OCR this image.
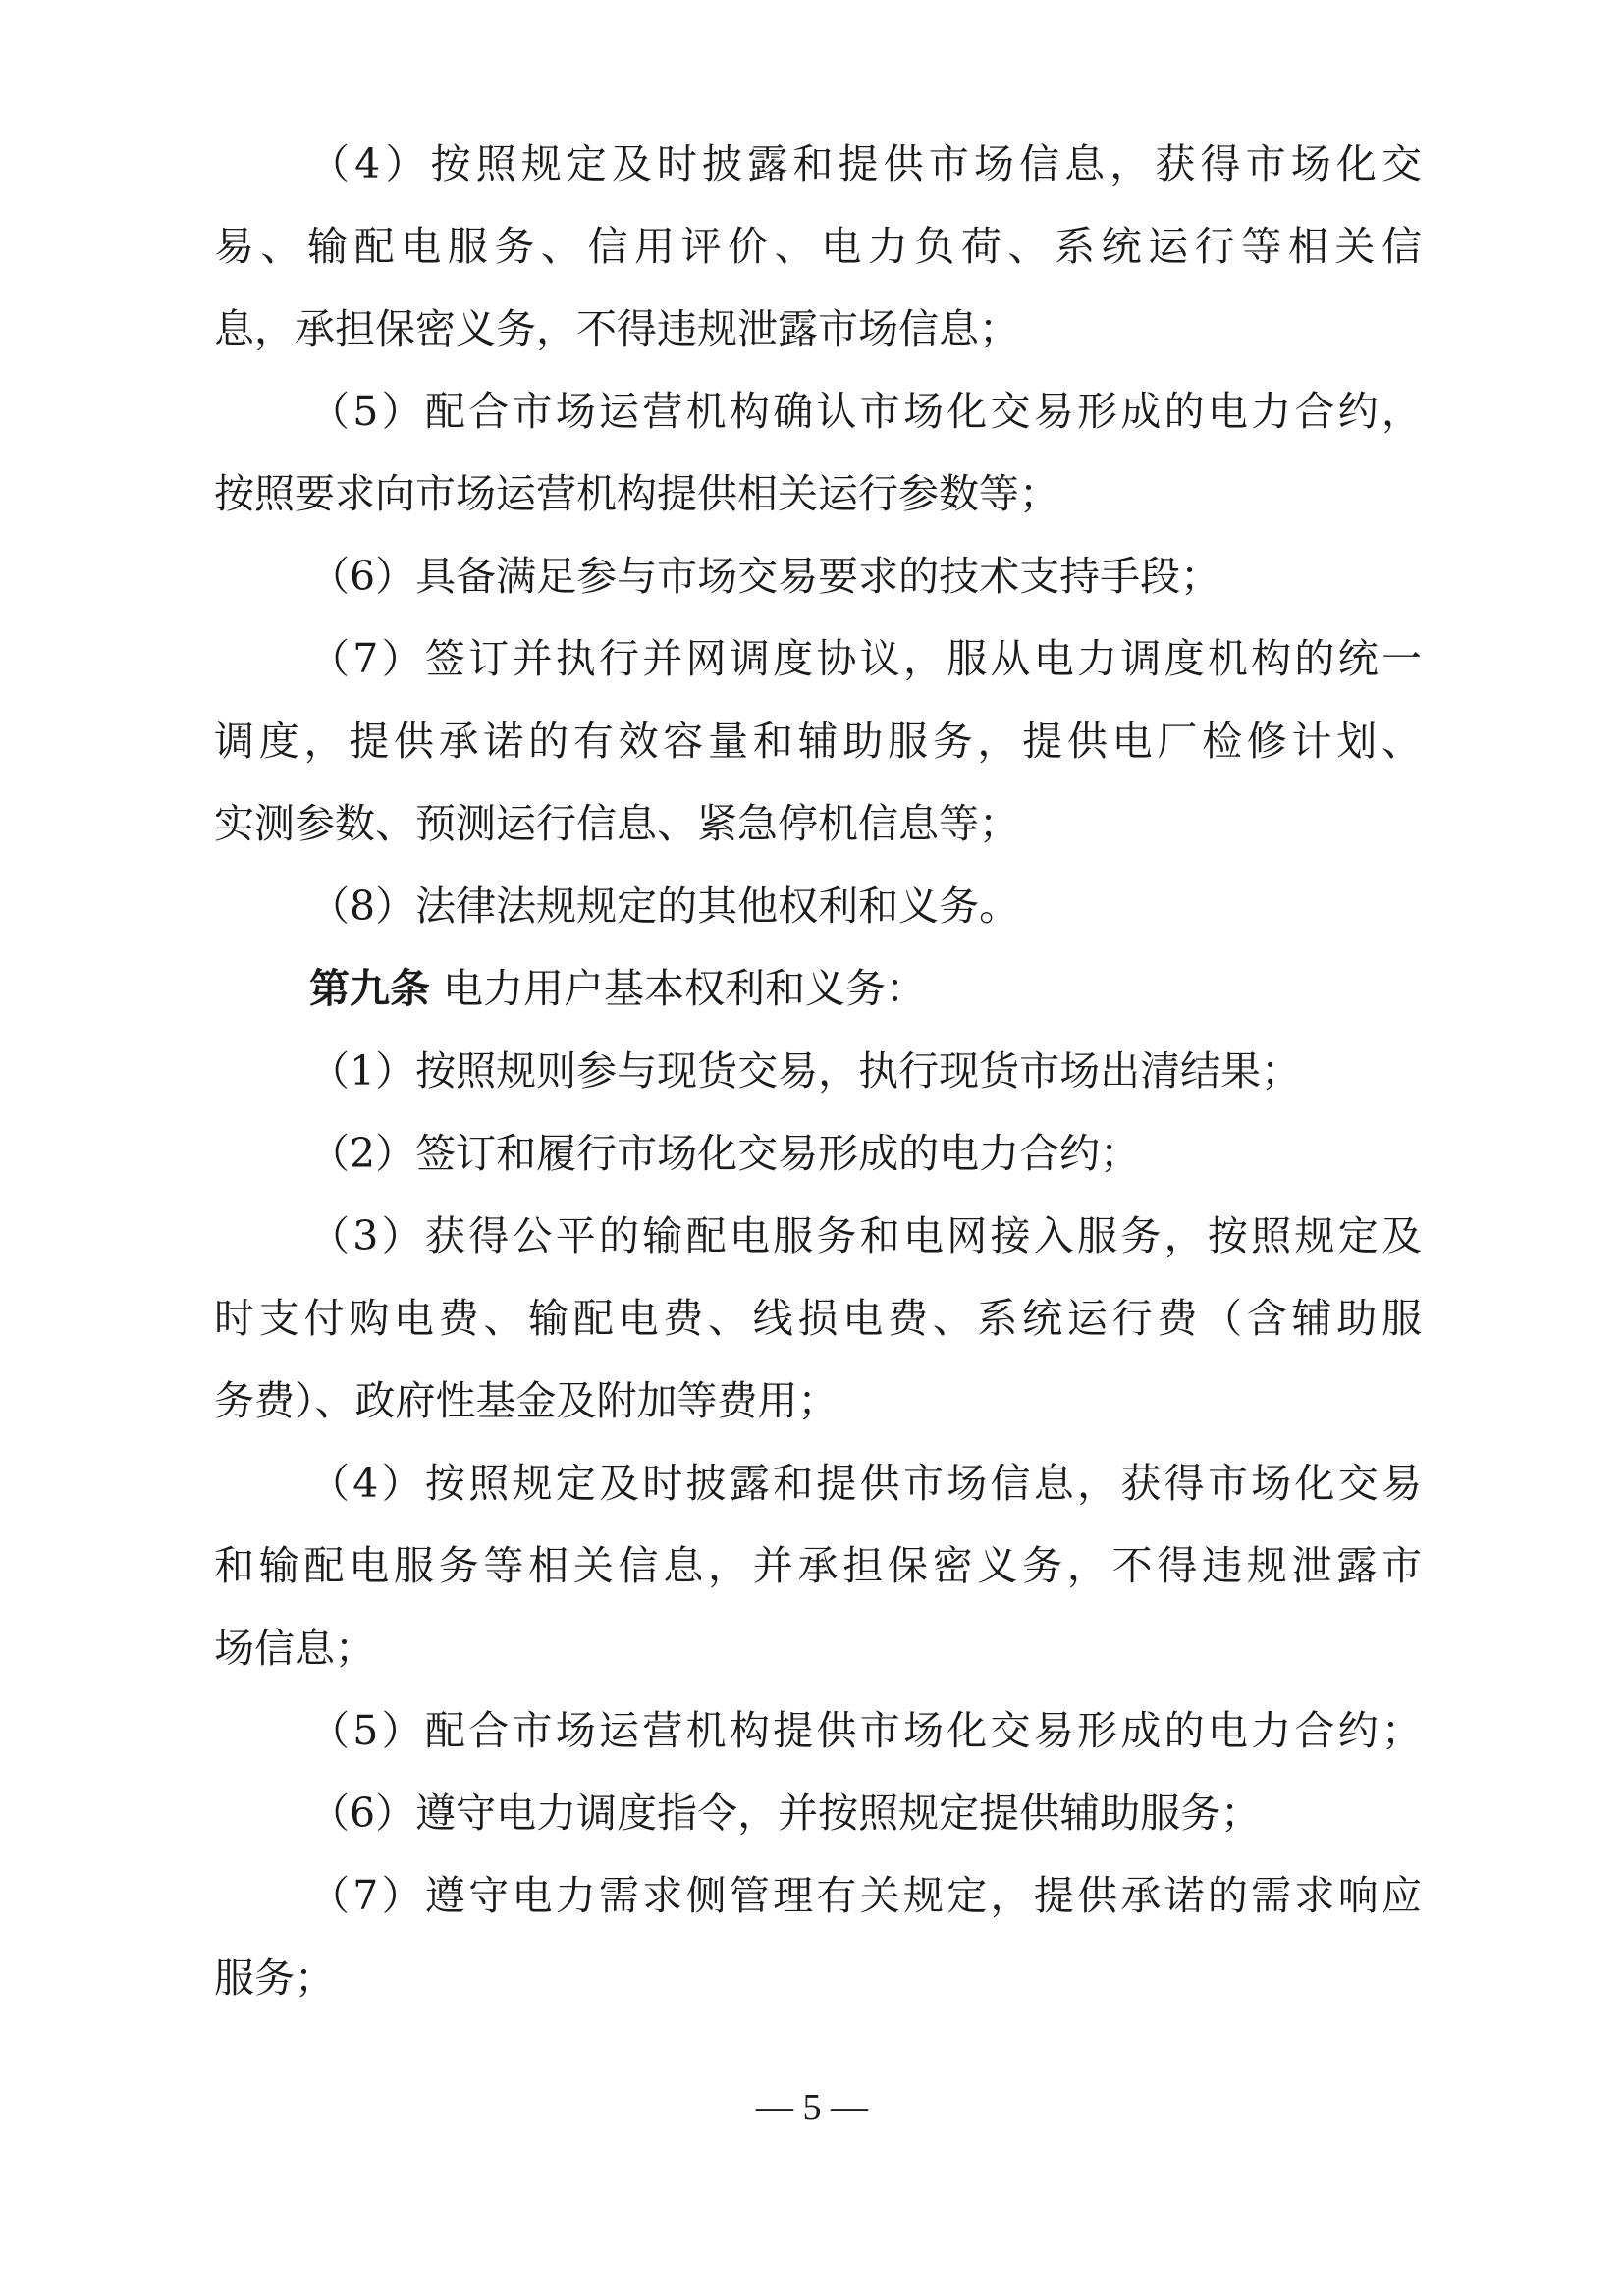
（4）按照规定及时披露和提供市场信息，获得市场化交
易、输配电服务、信用评价、电力负荷、系统运行等相关信
息，承担保密义务，不得违规泄露市场信息；
（5）配合市场运营机构确认市场化交易形成的电力合约，
按照要求向市场运营机构提供相关运行参数等；
（6）具备满足参与市场交易要求的技术支持手段；
（7）签订并执行并网调度协议，服从电力调度机构的统一
调度，提供承诺的有效容量和辅助服务，提供电厂检修计划、
实测参数、预测运行信息、紧急停机信息等；
（8）法律法规规定的其他权利和义务。
第九条 电力用户基本权利和义务：
（1）按照规则参与现货交易，执行现货市场出清结果；
（2）签订和履行市场化交易形成的电力合约；
（3）获得公平的输配电服务和电网接入服务，按照规定及
时支付购电费、输配电费、线损电费、系统运行费（含辅助服
务费）、政府性基金及附加等费用；
（4）按照规定及时披露和提供市场信息，获得市场化交易
和输配电服务等相关信息，并承担保密义务，不得违规泄露市
场信息；
（5）配合市场运营机构提供市场化交易形成的电力合约；
（6）遵守电力调度指令，并按照规定提供辅助服务；
（7）遵守电力需求侧管理有关规定，提供承诺的需求响应
服务；
— 5 —
